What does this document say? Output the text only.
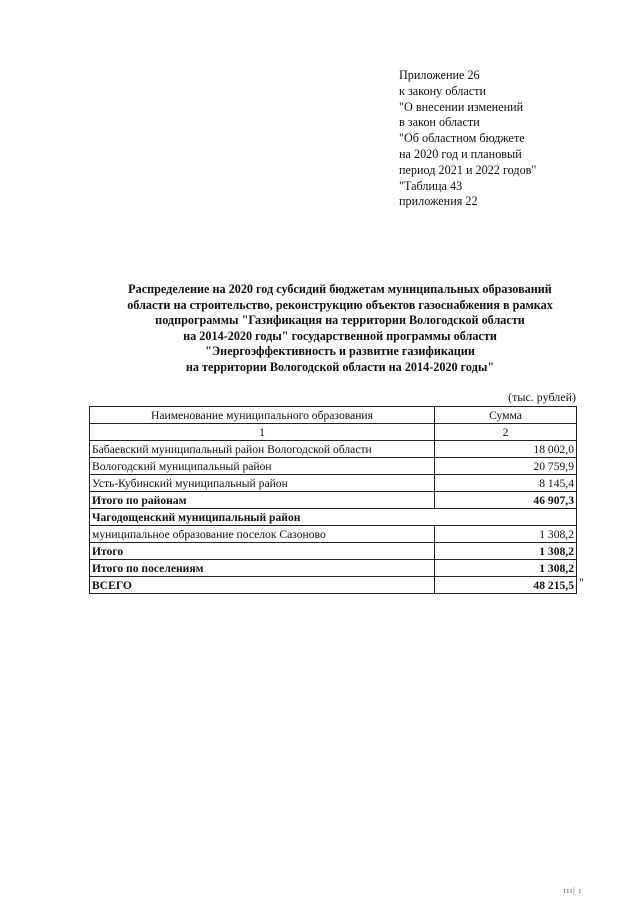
Приложение 26
к закону области
"О внесении изменений
в закон области
"Об областном бюджете
на 2020 год и плановый
период 2021 и 2022 годов"
"Таблица 43
приложения 22
Распределение на 2020 год субсидий бюджетам муниципальных образований
области на строительство, реконструкцию объектов газоснабжения в рамках
подпрограммы "Газификация на территории Вологодской области
на 2014-2020 годы" государственной программы области
"Энергоэффективность и развитие газификации
на территории Вологодской области на 2014-2020 годы"
(тыс. рублей)
Наименование муниципального образования	Сумма
1	2
Бабаевский муниципальный район Вологодской области	18 002,0
Вологодский муниципальный район	20 759,9
Усть-Кубинский муниципальный район	8 145,4
Итого по районам	46 907,3
Чагодощенский муниципальный район	
муниципальное образование поселок Сазоново	1 308,2
Итого	1 308,2
Итого по поселениям	1 308,2
ВСЕГО	48 215,5 "
ııı| ı
